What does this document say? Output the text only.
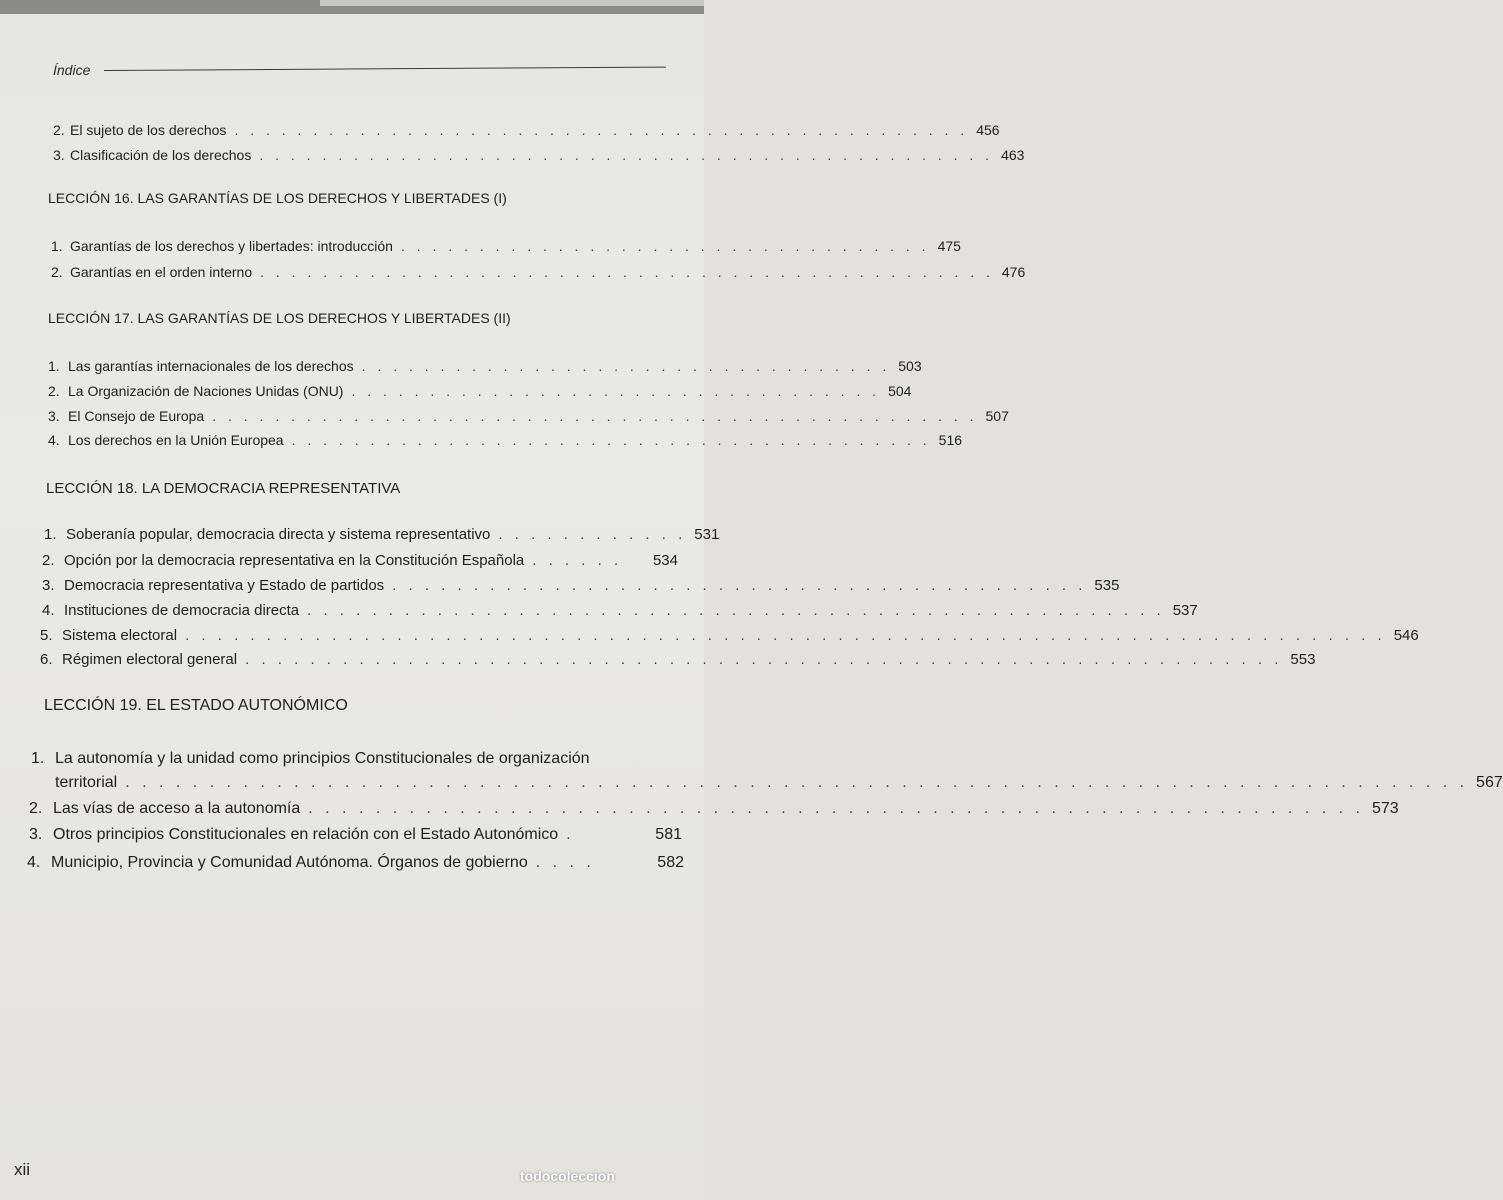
Índice
2. El sujeto de los derechos . . . . . . . . . . . . . . . . . . . . . . . . . . . . . . . . . . . . . . . . . . . . . . . 456
3. Clasificación de los derechos . . . . . . . . . . . . . . . . . . . . . . . . . . . . . . . . . . . . . . . . . . . . . . . 463
LECCIÓN 16. LAS GARANTÍAS DE LOS DERECHOS Y LIBERTADES (I)
1. Garantías de los derechos y libertades: introducción . . . . . . . . . . . . . . . . . . . . . . . . . . . . . . . . . . 475
2. Garantías en el orden interno . . . . . . . . . . . . . . . . . . . . . . . . . . . . . . . . . . . . . . . . . . . . . . . 476
LECCIÓN 17. LAS GARANTÍAS DE LOS DERECHOS Y LIBERTADES (II)
1. Las garantías internacionales de los derechos . . . . . . . . . . . . . . . . . . . . . . . . . . . . . . . . . . 503
2. La Organización de Naciones Unidas (ONU) . . . . . . . . . . . . . . . . . . . . . . . . . . . . . . . . . . 504
3. El Consejo de Europa . . . . . . . . . . . . . . . . . . . . . . . . . . . . . . . . . . . . . . . . . . . . . . . . . 507
4. Los derechos en la Unión Europea . . . . . . . . . . . . . . . . . . . . . . . . . . . . . . . . . . . . . . . . . 516
LECCIÓN 18. LA DEMOCRACIA REPRESENTATIVA
1. Soberanía popular, democracia directa y sistema representativo . . . . . . . . . . . . 531
2. Opción por la democracia representativa en la Constitución Española . . . . . .	534
3. Democracia representativa y Estado de partidos . . . . . . . . . . . . . . . . . . . . . . . . . . . . . . . . . . . . . . . . . . . 535
4. Instituciones de democracia directa . . . . . . . . . . . . . . . . . . . . . . . . . . . . . . . . . . . . . . . . . . . . . . . . . . . . . 537
5. Sistema electoral . . . . . . . . . . . . . . . . . . . . . . . . . . . . . . . . . . . . . . . . . . . . . . . . . . . . . . . . . . . . . . . . . . . . . . . . . . 546
6. Régimen electoral general . . . . . . . . . . . . . . . . . . . . . . . . . . . . . . . . . . . . . . . . . . . . . . . . . . . . . . . . . . . . . . . . 553
LECCIÓN 19. EL ESTADO AUTONÓMICO
1. La autonomía y la unidad como principios Constitucionales de organización
territorial . . . . . . . . . . . . . . . . . . . . . . . . . . . . . . . . . . . . . . . . . . . . . . . . . . . . . . . . . . . . . . . . . . . . . . . . . . . . . . . . 567
2. Las vías de acceso a la autonomía . . . . . . . . . . . . . . . . . . . . . . . . . . . . . . . . . . . . . . . . . . . . . . . . . . . . . . . . . . . . . . . 573
3. Otros principios Constitucionales en relación con el Estado Autonómico .	581
4. Municipio, Provincia y Comunidad Autónoma. Órganos de gobierno . . . .	582
xii	todocoleccion
